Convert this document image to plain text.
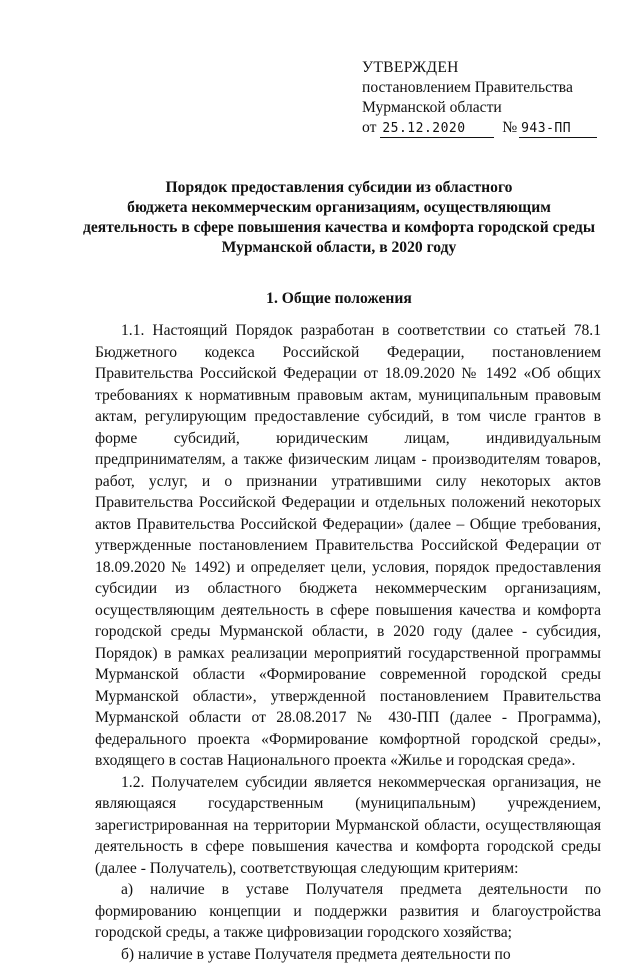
УТВЕРЖДЕН
постановлением Правительства
Мурманской области
от 25.12.2020 № 943-ПП
Порядок предоставления субсидии из областного
бюджета некоммерческим организациям, осуществляющим
деятельность в сфере повышения качества и комфорта городской среды
Мурманской области, в 2020 году
1. Общие положения

1.1. Настоящий Порядок разработан в соответствии со статьей 78.1 Бюджетного кодекса Российской Федерации, постановлением Правительства Российской Федерации от 18.09.2020 № 1492 «Об общих требованиях к нормативным правовым актам, муниципальным правовым актам, регулирующим предоставление субсидий, в том числе грантов в форме субсидий, юридическим лицам, индивидуальным предпринимателям, а также физическим лицам - производителям товаров, работ, услуг, и о признании утратившими силу некоторых актов Правительства Российской Федерации и отдельных положений некоторых актов Правительства Российской Федерации» (далее – Общие требования, утвержденные постановлением Правительства Российской Федерации от 18.09.2020 № 1492) и определяет цели, условия, порядок предоставления субсидии из областного бюджета некоммерческим организациям, осуществляющим деятельность в сфере повышения качества и комфорта городской среды Мурманской области, в 2020 году (далее - субсидия, Порядок) в рамках реализации мероприятий государственной программы Мурманской области «Формирование современной городской среды Мурманской области», утвержденной постановлением Правительства Мурманской области от 28.08.2017 № 430-ПП (далее - Программа), федерального проекта «Формирование комфортной городской среды», входящего в состав Национального проекта «Жилье и городская среда».

1.2. Получателем субсидии является некоммерческая организация, не являющаяся государственным (муниципальным) учреждением, зарегистрированная на территории Мурманской области, осуществляющая деятельность в сфере повышения качества и комфорта городской среды (далее - Получатель), соответствующая следующим критериям:

а) наличие в уставе Получателя предмета деятельности по формированию концепции и поддержки развития и благоустройства городской среды, а также цифровизации городского хозяйства;

б) наличие в уставе Получателя предмета деятельности по
